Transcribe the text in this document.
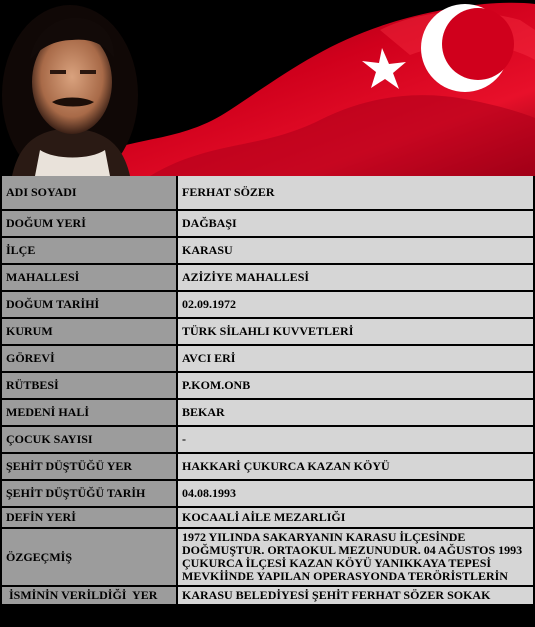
ADI SOYADI	FERHAT SÖZER
DOĞUM YERİ	DAĞBAŞI
İLÇE	KARASU
MAHALLESİ	AZİZİYE MAHALLESİ
DOĞUM TARİHİ	02.09.1972
KURUM	TÜRK SİLAHLI KUVVETLERİ
GÖREVİ	AVCI ERİ
RÜTBESİ	P.KOM.ONB
MEDENİ HALİ	BEKAR
ÇOCUK SAYISI	-
ŞEHİT DÜŞTÜĞÜ YER	HAKKARİ ÇUKURCA KAZAN KÖYÜ
ŞEHİT DÜŞTÜĞÜ TARİH	04.08.1993
DEFİN YERİ	KOCAALİ AİLE MEZARLIĞI
ÖZGEÇMİŞ	1972 YILINDA SAKARYANIN KARASU İLÇESİNDE DOĞMUŞTUR. ORTAOKUL MEZUNUDUR. 04 AĞUSTOS 1993 ÇUKURCA İLÇESİ KAZAN KÖYÜ YANIKKAYA TEPESİ MEVKİİNDE YAPILAN OPERASYONDA TERÖRİSTLERİN
İSMİNİN VERİLDİĞİ  YER	KARASU BELEDİYESİ ŞEHİT FERHAT SÖZER SOKAK
